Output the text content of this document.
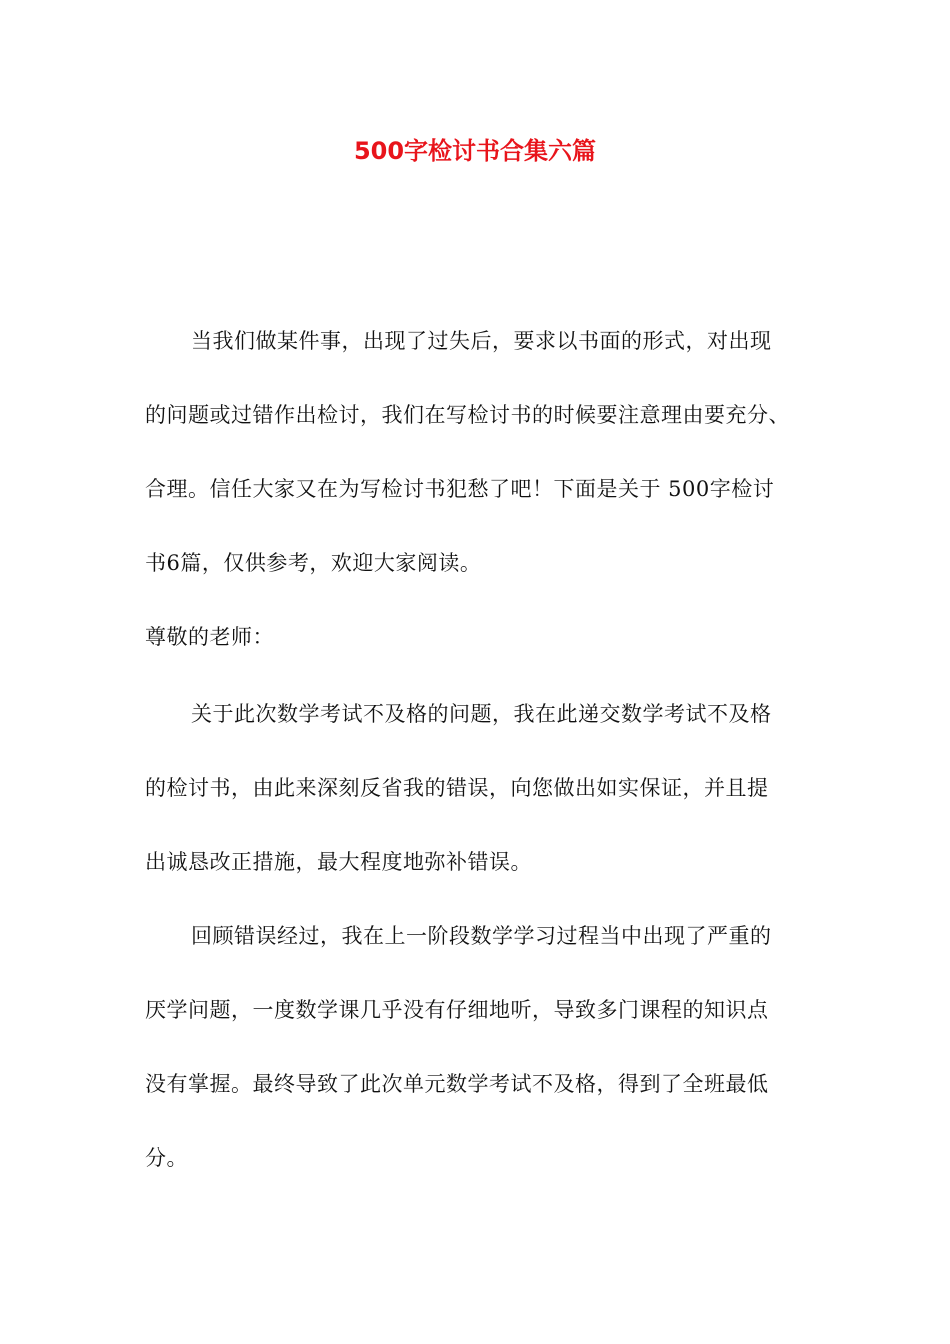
500字检讨书合集六篇
当我们做某件事，出现了过失后，要求以书面的形式，对出现
的问题或过错作出检讨，我们在写检讨书的时候要注意理由要充分、
合理。信任大家又在为写检讨书犯愁了吧！下面是关于 500字检讨
书6篇，仅供参考，欢迎大家阅读。
尊敬的老师：
关于此次数学考试不及格的问题，我在此递交数学考试不及格
的检讨书，由此来深刻反省我的错误，向您做出如实保证，并且提
出诚恳改正措施，最大程度地弥补错误。
回顾错误经过，我在上一阶段数学学习过程当中出现了严重的
厌学问题，一度数学课几乎没有仔细地听，导致多门课程的知识点
没有掌握。最终导致了此次单元数学考试不及格，得到了全班最低
分。
